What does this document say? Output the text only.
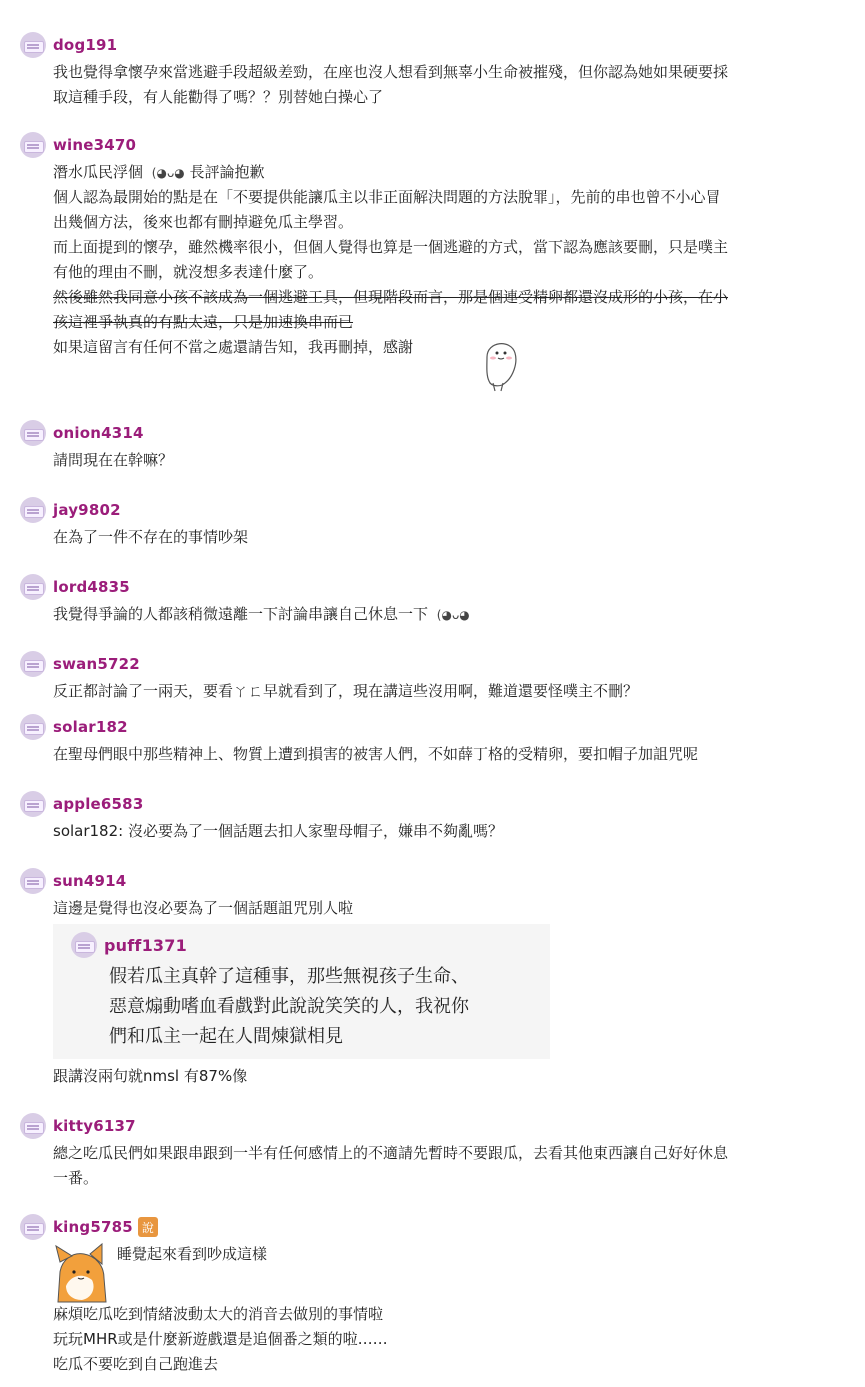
dog191
我也覺得拿懷孕來當逃避手段超級差勁，在座也沒人想看到無辜小生命被摧殘，但你認為她如果硬要採
取這種手段，有人能勸得了嗎？？別替她白操心了
wine3470
潛水瓜民浮個 (◕ᴗ◕ 長評論抱歉
個人認為最開始的點是在「不要提供能讓瓜主以非正面解決問題的方法脫罪」，先前的串也曾不小心冒
出幾個方法，後來也都有刪掉避免瓜主學習。
而上面提到的懷孕，雖然機率很小，但個人覺得也算是一個逃避的方式，當下認為應該要刪，只是噗主
有他的理由不刪，就沒想多表達什麼了。
然後雖然我同意小孩不該成為一個逃避工具，但現階段而言，那是個連受精卵都還沒成形的小孩，在小
孩這裡爭執真的有點太遠，只是加速換串而已
如果這留言有任何不當之處還請告知，我再刪掉，感謝
onion4314
請問現在在幹嘛？
jay9802
在為了一件不存在的事情吵架
lord4835
我覺得爭論的人都該稍微遠離一下討論串讓自己休息一下 (◕ᴗ◕
swan5722
反正都討論了一兩天，要看ㄚㄈ早就看到了，現在講這些沒用啊，難道還要怪噗主不刪？
solar182
在聖母們眼中那些精神上、物質上遭到損害的被害人們，不如薛丁格的受精卵，要扣帽子加詛咒呢
apple6583
solar182: 沒必要為了一個話題去扣人家聖母帽子，嫌串不夠亂嗎？
sun4914
這邊是覺得也沒必要為了一個話題詛咒別人啦
puff1371
假若瓜主真幹了這種事，那些無視孩子生命、
惡意煽動嗜血看戲對此說說笑笑的人，我祝你
們和瓜主一起在人間煉獄相見
跟講沒兩句就nmsl 有87%像
kitty6137
總之吃瓜民們如果跟串跟到一半有任何感情上的不適請先暫時不要跟瓜，去看其他東西讓自己好好休息
一番。
king5785 說
睡覺起來看到吵成這樣
麻煩吃瓜吃到情緒波動太大的消音去做別的事情啦
玩玩MHR或是什麼新遊戲還是追個番之類的啦……
吃瓜不要吃到自己跑進去
